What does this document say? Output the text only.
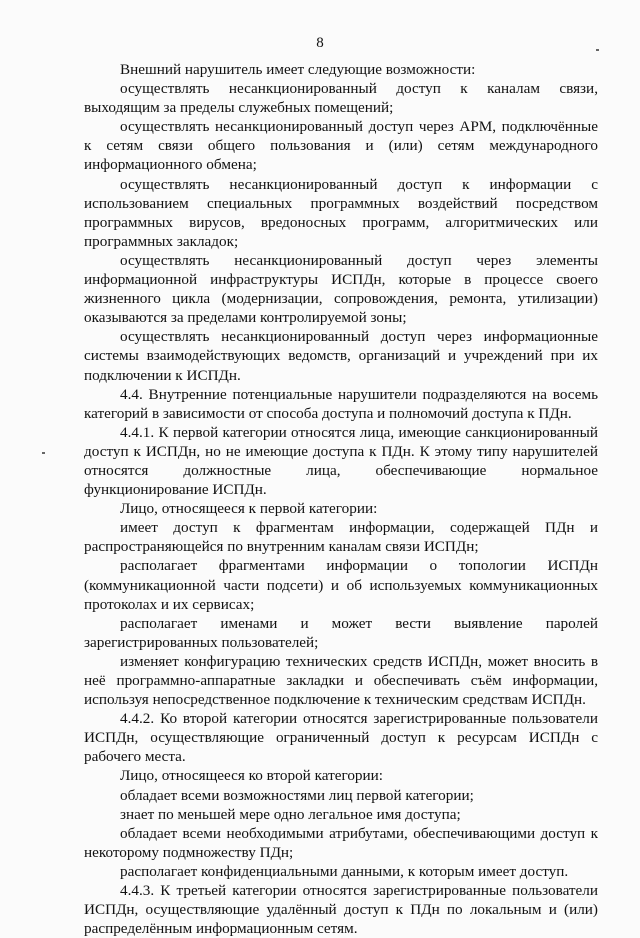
8

Внешний нарушитель имеет следующие возможности:

осуществлять несанкционированный доступ к каналам связи, выходящим за пределы служебных помещений;

осуществлять несанкционированный доступ через АРМ, подключённые к сетям связи общего пользования и (или) сетям международного информационного обмена;

осуществлять несанкционированный доступ к информации с использованием специальных программных воздействий посредством программных вирусов, вредоносных программ, алгоритмических или программных закладок;

осуществлять несанкционированный доступ через элементы информационной инфраструктуры ИСПДн, которые в процессе своего жизненного цикла (модернизации, сопровождения, ремонта, утилизации) оказываются за пределами контролируемой зоны;

осуществлять несанкционированный доступ через информационные системы взаимодействующих ведомств, организаций и учреждений при их подключении к ИСПДн.

4.4. Внутренние потенциальные нарушители подразделяются на восемь категорий в зависимости от способа доступа и полномочий доступа к ПДн.

4.4.1. К первой категории относятся лица, имеющие санкционированный доступ к ИСПДн, но не имеющие доступа к ПДн. К этому типу нарушителей относятся должностные лица, обеспечивающие нормальное функционирование ИСПДн.

Лицо, относящееся к первой категории:

имеет доступ к фрагментам информации, содержащей ПДн и распространяющейся по внутренним каналам связи ИСПДн;

располагает фрагментами информации о топологии ИСПДн (коммуникационной части подсети) и об используемых коммуникационных протоколах и их сервисах;

располагает именами и может вести выявление паролей зарегистрированных пользователей;

изменяет конфигурацию технических средств ИСПДн, может вносить в неё программно-аппаратные закладки и обеспечивать съём информации, используя непосредственное подключение к техническим средствам ИСПДн.

4.4.2. Ко второй категории относятся зарегистрированные пользователи ИСПДн, осуществляющие ограниченный доступ к ресурсам ИСПДн с рабочего места.

Лицо, относящееся ко второй категории:

обладает всеми возможностями лиц первой категории;

знает по меньшей мере одно легальное имя доступа;

обладает всеми необходимыми атрибутами, обеспечивающими доступ к некоторому подмножеству ПДн;

располагает конфиденциальными данными, к которым имеет доступ.

4.4.3. К третьей категории относятся зарегистрированные пользователи ИСПДн, осуществляющие удалённый доступ к ПДн по локальным и (или) распределённым информационным сетям.
